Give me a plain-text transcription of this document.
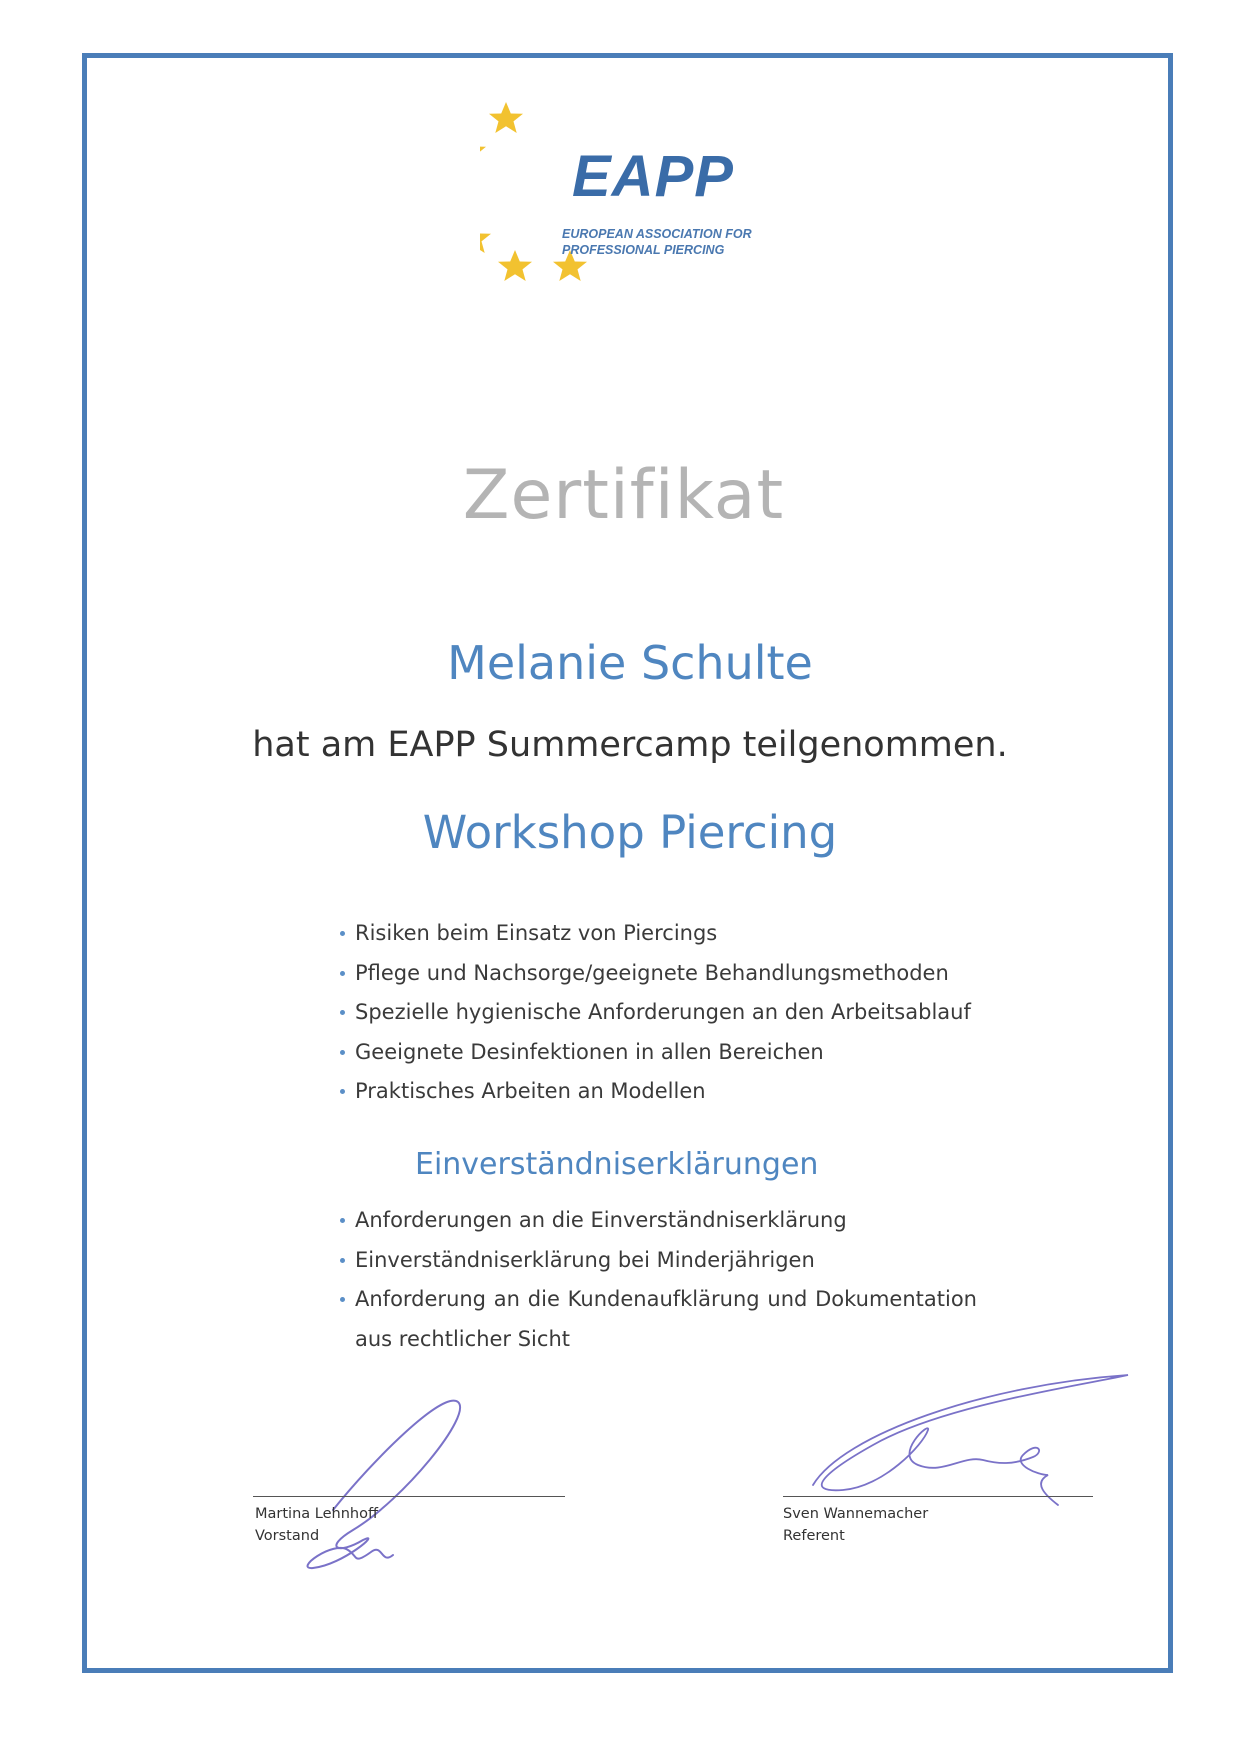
EAPP
EUROPEAN ASSOCIATION FOR
PROFESSIONAL PIERCING
Zertifikat
Melanie Schulte
hat am EAPP Summercamp teilgenommen.
Workshop Piercing
Risiken beim Einsatz von Piercings
Pflege und Nachsorge/geeignete Behandlungsmethoden
Spezielle hygienische Anforderungen an den Arbeitsablauf
Geeignete Desinfektionen in allen Bereichen
Praktisches Arbeiten an Modellen
Einverständniserklärungen
Anforderungen an die Einverständniserklärung
Einverständniserklärung bei Minderjährigen
Anforderung an die Kundenaufklärung und Dokumentation aus rechtlicher Sicht
Martina Lehnhoff
Vorstand
Sven Wannemacher
Referent
